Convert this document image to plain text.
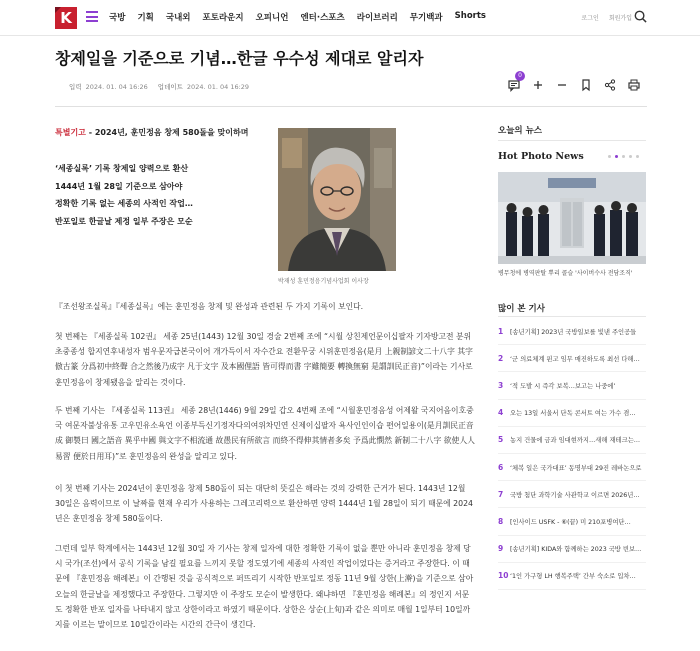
K	국방 기획 국내외 포토라운지 오피니언 엔터·스포츠 라이브러리 무기백과 Shorts	로그인 회원가입
창제일을 기준으로 기념…한글 우수성 제대로 알리자
입력 2024. 01. 04 16:26 업데이트 2024. 01. 04 16:29
0
특별기고 - 2024년, 훈민정음 창제 580돌을 맞이하며
‘세종실록’ 기록 창제일 양력으로 환산
1444년 1월 28일 기준으로 삼아야
정확한 기록 없는 세종의 사적인 작업…
반포일로 한글날 제정 일부 주장은 모순
박재성 훈민정음기념사업회 이사장

『조선왕조실록』『세종실록』에는 훈민정음 창제 및 완성과 관련된 두 가지 기록이 보인다.

첫 번째는 『세종실록 102권』 세종 25년(1443) 12월 30일 경술 2번째 조에 “시월 상친제언문이십팔자 기자방고전 분위초중종성 합지연후내성자 범우문자급본국이어 개가득이서 자수간요 전환무궁 시위훈민정음(是月 上親制諺文二十八字 其字倣古篆 分爲初中終聲 合之然後乃成字 凡于文字 及本國俚語 皆可得而書 字雖簡要 轉換無窮 是謂訓民正音)”이라는 기사로 훈민정음이 창제됐음을 알리는 것이다.

두 번째 기사는 『세종실록 113권』 세종 28년(1446) 9월 29일 갑오 4번째 조에 “시월훈민정음성 어제왈 국지어음이호중국 여문자불상유통 고우민유소욕언 이종부득신기정자다의여위차민연 신제이십팔자 욕사인인이습 편어일용이(是月訓民正音成 御製曰 國之語音 異乎中國 與文字不相流通 故愚民有所欲言 而終不得伸其情者多矣 予爲此憫然 新制二十八字 欲使人人易習 便於日用耳)”로 훈민정음의 완성을 알리고 있다.

이 첫 번째 기사는 2024년이 훈민정음 창제 580돌이 되는 대단히 뜻깊은 해라는 것의 강력한 근거가 된다. 1443년 12월 30일은 음력이므로 이 날짜를 현재 우리가 사용하는 그레고리력으로 환산하면 양력 1444년 1월 28일이 되기 때문에 2024년은 훈민정음 창제 580돌이다.

그런데 일부 학계에서는 1443년 12월 30일 자 기사는 창제 일자에 대한 정확한 기록이 없을 뿐만 아니라 훈민정음 창제 당시 국가(조선)에서 공식 기록을 남길 필요를 느끼지 못할 정도였기에 세종의 사적인 작업이었다는 증거라고 주장한다. 이 때문에 『훈민정음 해례본』이 간행된 것을 공식적으로 퍼뜨리기 시작한 반포일로 정동 11년 9월 상한(上澣)을 기준으로 삼아 오늘의 한글날을 제정했다고 주장한다. 그렇지만 이 주장도 모순이 발생한다. 왜냐하면 『훈민정음 해례본』의 정인지 서문도 정확한 반포 일자를 나타내지 않고 상한이라고 하였기 때문이다. 상한은 상순(上旬)과 같은 의미로 매월 1일부터 10일까지를 이르는 말이므로 10일간이라는 시간의 간극이 생긴다.

오늘의 뉴스
Hot Photo News
병무청에 병역판탈 뿌리 콜슬 '사이버수사 전담조직'
많이 본 기사
1	[송년기획] 2023년 국방일보를 빛낸 주인공들
2	‘군 의료체계 핀고 임무 매진하도록 최선 다해…
3	‘적 도발 시 즉각 보복…보고는 나중에’
4	오는 13일 서울서 단독 콘서트 여는 가수 겸…
5	농지 건물에 금과 임대현까지…새해 재테크는…
6	‘체복 일은 국가대표’ 동명부대 29진 레바논으로
7	국방 첨단 과학기술 사관학교 이르면 2026년…
8	[인사이드 USFK - ⑥(끝) 미 210포병여단…
9	[송년기획] KIDA와 함께하는 2023 국방 빈보…
10 ‘1인 가구형 LH 행복주택’ 간부 숙소로 입차…
